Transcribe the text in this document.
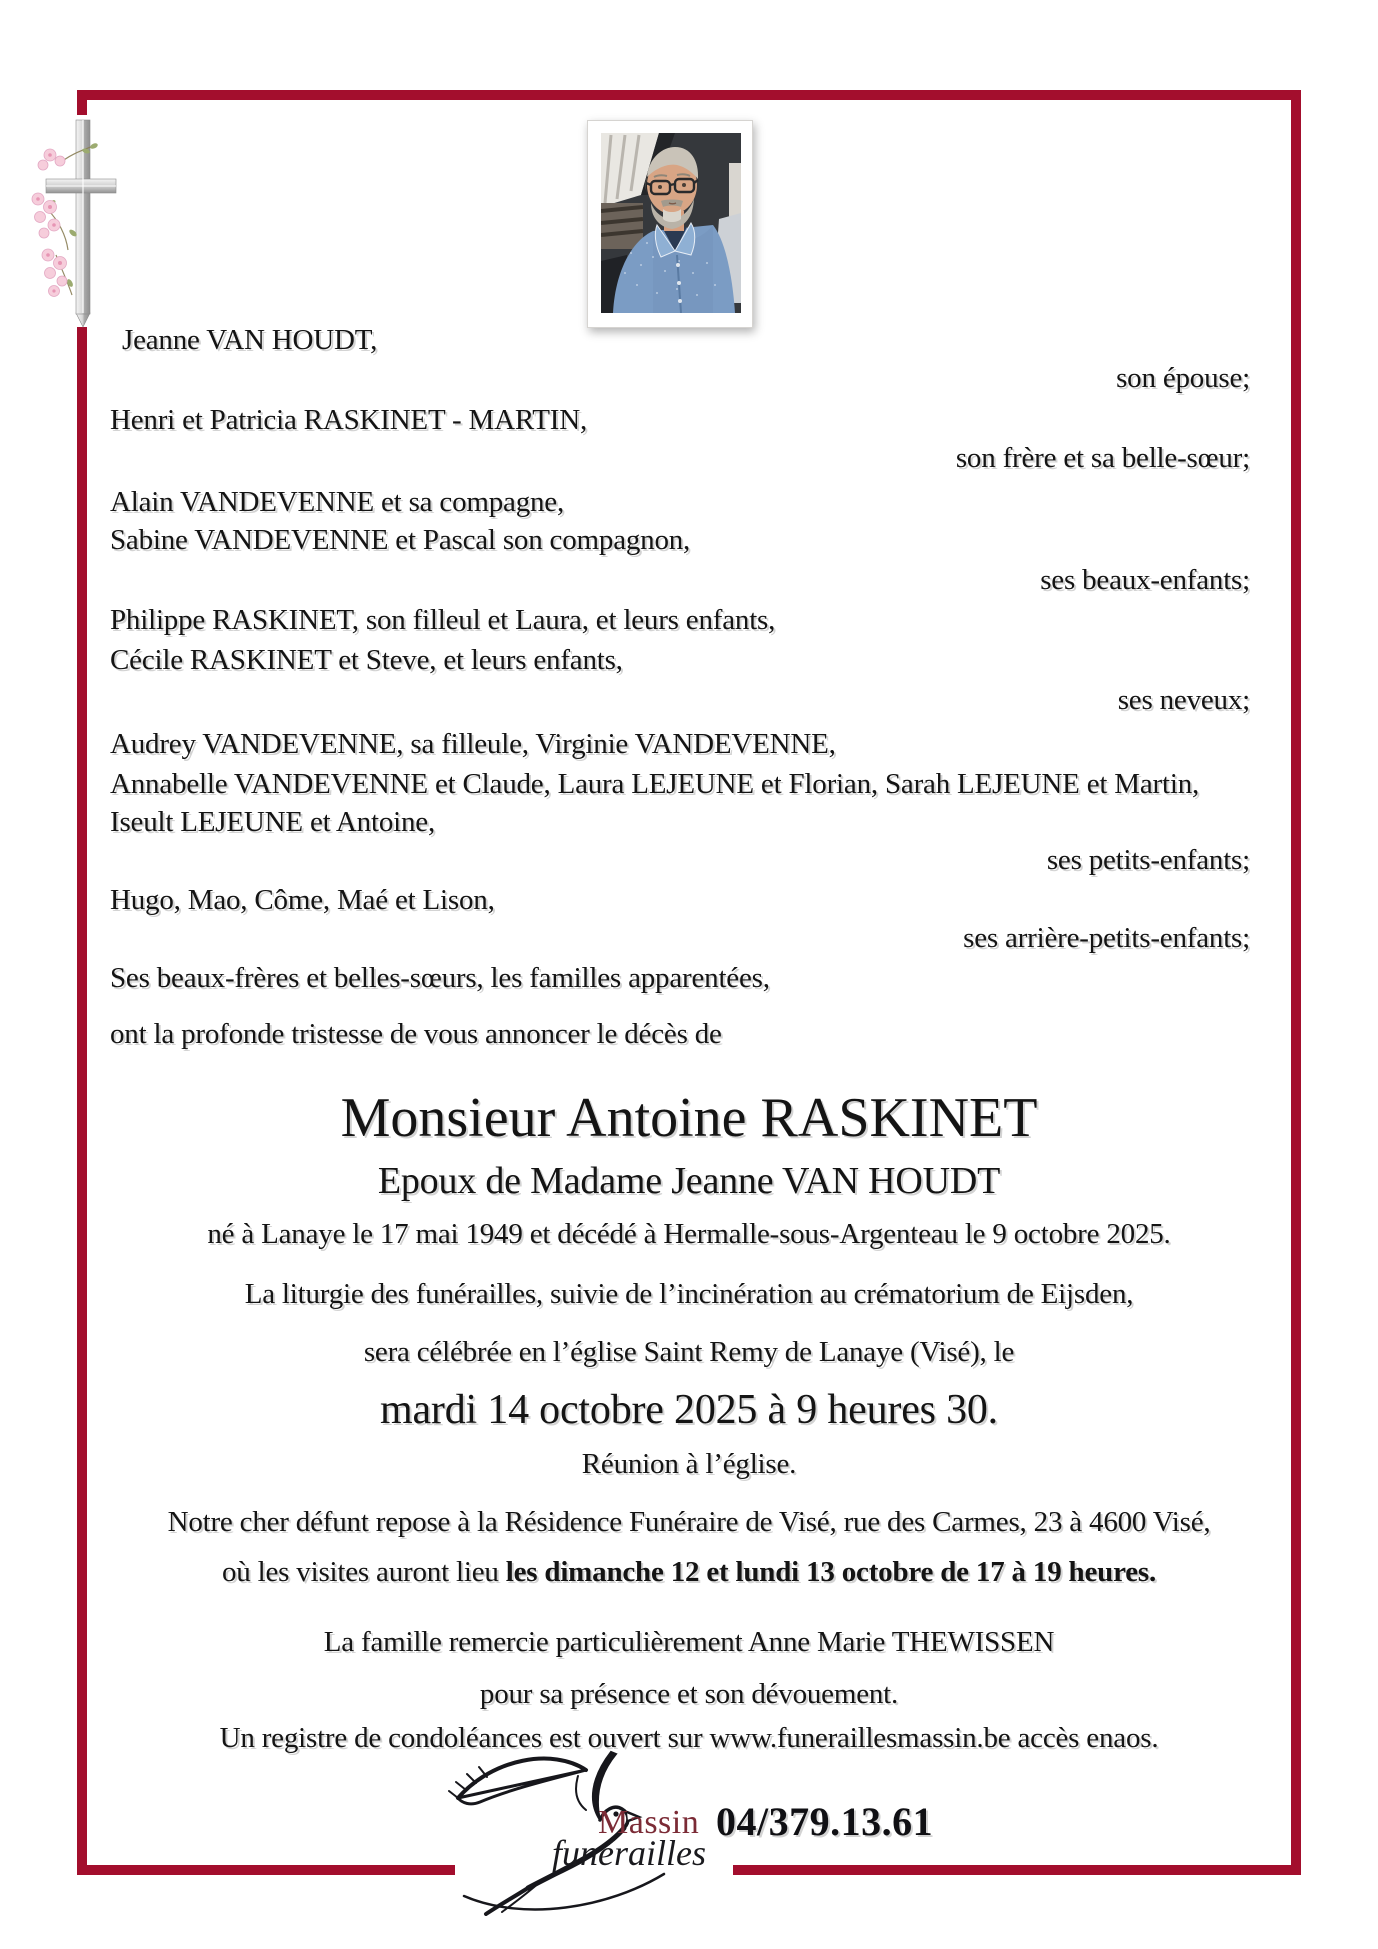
Jeanne VAN HOUDT,
son épouse;
Henri et Patricia RASKINET - MARTIN,
son frère et sa belle-sœur;
Alain VANDEVENNE et sa compagne,
Sabine VANDEVENNE et Pascal son compagnon,
ses beaux-enfants;
Philippe RASKINET, son filleul et Laura, et leurs enfants,
Cécile RASKINET et Steve, et leurs enfants,
ses neveux;
Audrey VANDEVENNE, sa filleule, Virginie VANDEVENNE,
Annabelle VANDEVENNE et Claude, Laura LEJEUNE et Florian, Sarah LEJEUNE et Martin,
Iseult LEJEUNE et Antoine,
ses petits-enfants;
Hugo, Mao, Côme, Maé et Lison,
ses arrière-petits-enfants;
Ses beaux-frères et belles-sœurs, les familles apparentées,
ont la profonde tristesse de vous annoncer le décès de
Monsieur Antoine RASKINET
Epoux de Madame Jeanne VAN HOUDT
né à Lanaye le 17 mai 1949 et décédé à Hermalle-sous-Argenteau le 9 octobre 2025.
La liturgie des funérailles, suivie de l’incinération au crématorium de Eijsden,
sera célébrée en l’église Saint Remy de Lanaye (Visé), le
mardi 14 octobre 2025 à 9 heures 30.
Réunion à l’église.
Notre cher défunt repose à la Résidence Funéraire de Visé, rue des Carmes, 23 à 4600 Visé,
où les visites auront lieu les dimanche 12 et lundi 13 octobre de 17 à 19 heures.
La famille remercie particulièrement Anne Marie THEWISSEN
pour sa présence et son dévouement.
Un registre de condoléances est ouvert sur www.funeraillesmassin.be accès enaos.
Massin
funérailles
04/379.13.61
